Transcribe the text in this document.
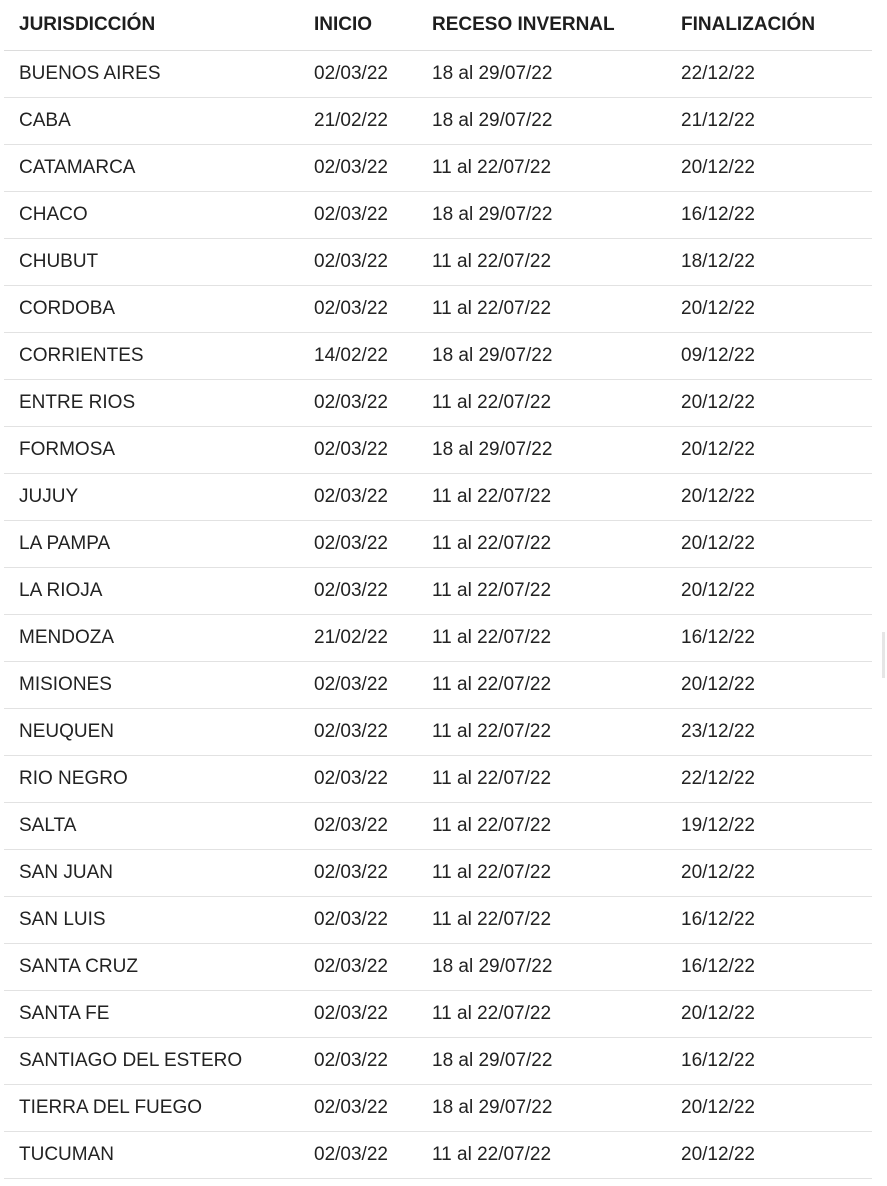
JURISDICCIÓN	INICIO	RECESO INVERNAL	FINALIZACIÓN
BUENOS AIRES	02/03/22 18 al 29/07/22	22/12/22
CABA	21/02/22 18 al 29/07/22	21/12/22
CATAMARCA	02/03/22 11 al 22/07/22	20/12/22
CHACO	02/03/22 18 al 29/07/22	16/12/22
CHUBUT	02/03/22 11 al 22/07/22	18/12/22
CORDOBA	02/03/22 11 al 22/07/22	20/12/22
CORRIENTES	14/02/22 18 al 29/07/22	09/12/22
ENTRE RIOS	02/03/22 11 al 22/07/22	20/12/22
FORMOSA	02/03/22 18 al 29/07/22	20/12/22
JUJUY	02/03/22 11 al 22/07/22	20/12/22
LA PAMPA	02/03/22 11 al 22/07/22	20/12/22
LA RIOJA	02/03/22 11 al 22/07/22	20/12/22
MENDOZA	21/02/22 11 al 22/07/22	16/12/22
MISIONES	02/03/22 11 al 22/07/22	20/12/22
NEUQUEN	02/03/22 11 al 22/07/22	23/12/22
RIO NEGRO	02/03/22 11 al 22/07/22	22/12/22
SALTA	02/03/22 11 al 22/07/22	19/12/22
SAN JUAN	02/03/22 11 al 22/07/22	20/12/22
SAN LUIS	02/03/22 11 al 22/07/22	16/12/22
SANTA CRUZ	02/03/22 18 al 29/07/22	16/12/22
SANTA FE	02/03/22 11 al 22/07/22	20/12/22
SANTIAGO DEL ESTERO	02/03/22 18 al 29/07/22	16/12/22
TIERRA DEL FUEGO	02/03/22 18 al 29/07/22	20/12/22
TUCUMAN	02/03/22 11 al 22/07/22	20/12/22
